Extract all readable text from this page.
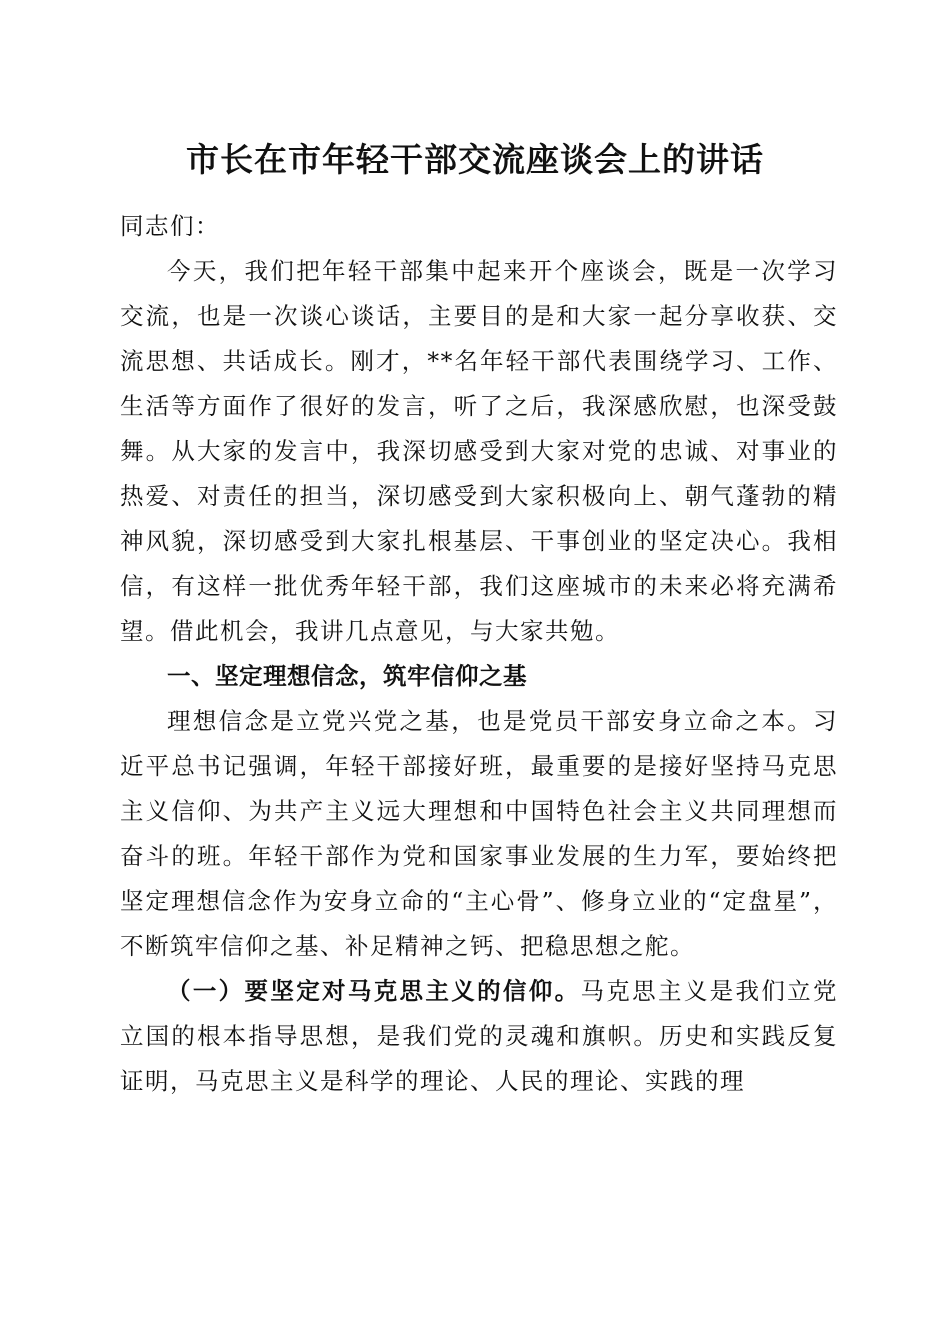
市长在市年轻干部交流座谈会上的讲话

同志们：

今天，我们把年轻干部集中起来开个座谈会，既是一次学习交流，也是一次谈心谈话，主要目的是和大家一起分享收获、交流思想、共话成长。刚才，**名年轻干部代表围绕学习、工作、生活等方面作了很好的发言，听了之后，我深感欣慰，也深受鼓舞。从大家的发言中，我深切感受到大家对党的忠诚、对事业的热爱、对责任的担当，深切感受到大家积极向上、朝气蓬勃的精神风貌，深切感受到大家扎根基层、干事创业的坚定决心。我相信，有这样一批优秀年轻干部，我们这座城市的未来必将充满希望。借此机会，我讲几点意见，与大家共勉。

一、坚定理想信念，筑牢信仰之基

理想信念是立党兴党之基，也是党员干部安身立命之本。习近平总书记强调，年轻干部接好班，最重要的是接好坚持马克思主义信仰、为共产主义远大理想和中国特色社会主义共同理想而奋斗的班。年轻干部作为党和国家事业发展的生力军，要始终把坚定理想信念作为安身立命的“主心骨”、修身立业的“定盘星”，不断筑牢信仰之基、补足精神之钙、把稳思想之舵。

（一）要坚定对马克思主义的信仰。马克思主义是我们立党立国的根本指导思想，是我们党的灵魂和旗帜。历史和实践反复证明，马克思主义是科学的理论、人民的理论、实践的理
